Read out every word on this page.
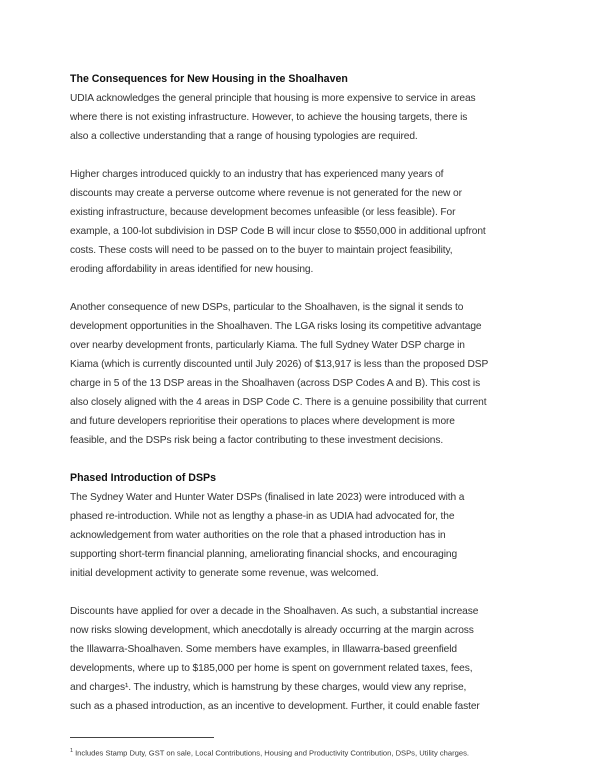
The Consequences for New Housing in the Shoalhaven
UDIA acknowledges the general principle that housing is more expensive to service in areas
where there is not existing infrastructure. However, to achieve the housing targets, there is
also a collective understanding that a range of housing typologies are required.
Higher charges introduced quickly to an industry that has experienced many years of
discounts may create a perverse outcome where revenue is not generated for the new or
existing infrastructure, because development becomes unfeasible (or less feasible). For
example, a 100-lot subdivision in DSP Code B will incur close to $550,000 in additional upfront
costs. These costs will need to be passed on to the buyer to maintain project feasibility,
eroding affordability in areas identified for new housing.
Another consequence of new DSPs, particular to the Shoalhaven, is the signal it sends to
development opportunities in the Shoalhaven. The LGA risks losing its competitive advantage
over nearby development fronts, particularly Kiama. The full Sydney Water DSP charge in
Kiama (which is currently discounted until July 2026) of $13,917 is less than the proposed DSP
charge in 5 of the 13 DSP areas in the Shoalhaven (across DSP Codes A and B). This cost is
also closely aligned with the 4 areas in DSP Code C. There is a genuine possibility that current
and future developers reprioritise their operations to places where development is more
feasible, and the DSPs risk being a factor contributing to these investment decisions.
Phased Introduction of DSPs
The Sydney Water and Hunter Water DSPs (finalised in late 2023) were introduced with a
phased re-introduction. While not as lengthy a phase-in as UDIA had advocated for, the
acknowledgement from water authorities on the role that a phased introduction has in
supporting short-term financial planning, ameliorating financial shocks, and encouraging
initial development activity to generate some revenue, was welcomed.
Discounts have applied for over a decade in the Shoalhaven. As such, a substantial increase
now risks slowing development, which anecdotally is already occurring at the margin across
the Illawarra-Shoalhaven. Some members have examples, in Illawarra-based greenfield
developments, where up to $185,000 per home is spent on government related taxes, fees,
and charges¹. The industry, which is hamstrung by these charges, would view any reprise,
such as a phased introduction, as an incentive to development. Further, it could enable faster
$^1$ Includes Stamp Duty, GST on sale, Local Contributions, Housing and Productivity Contribution, DSPs, Utility charges.
